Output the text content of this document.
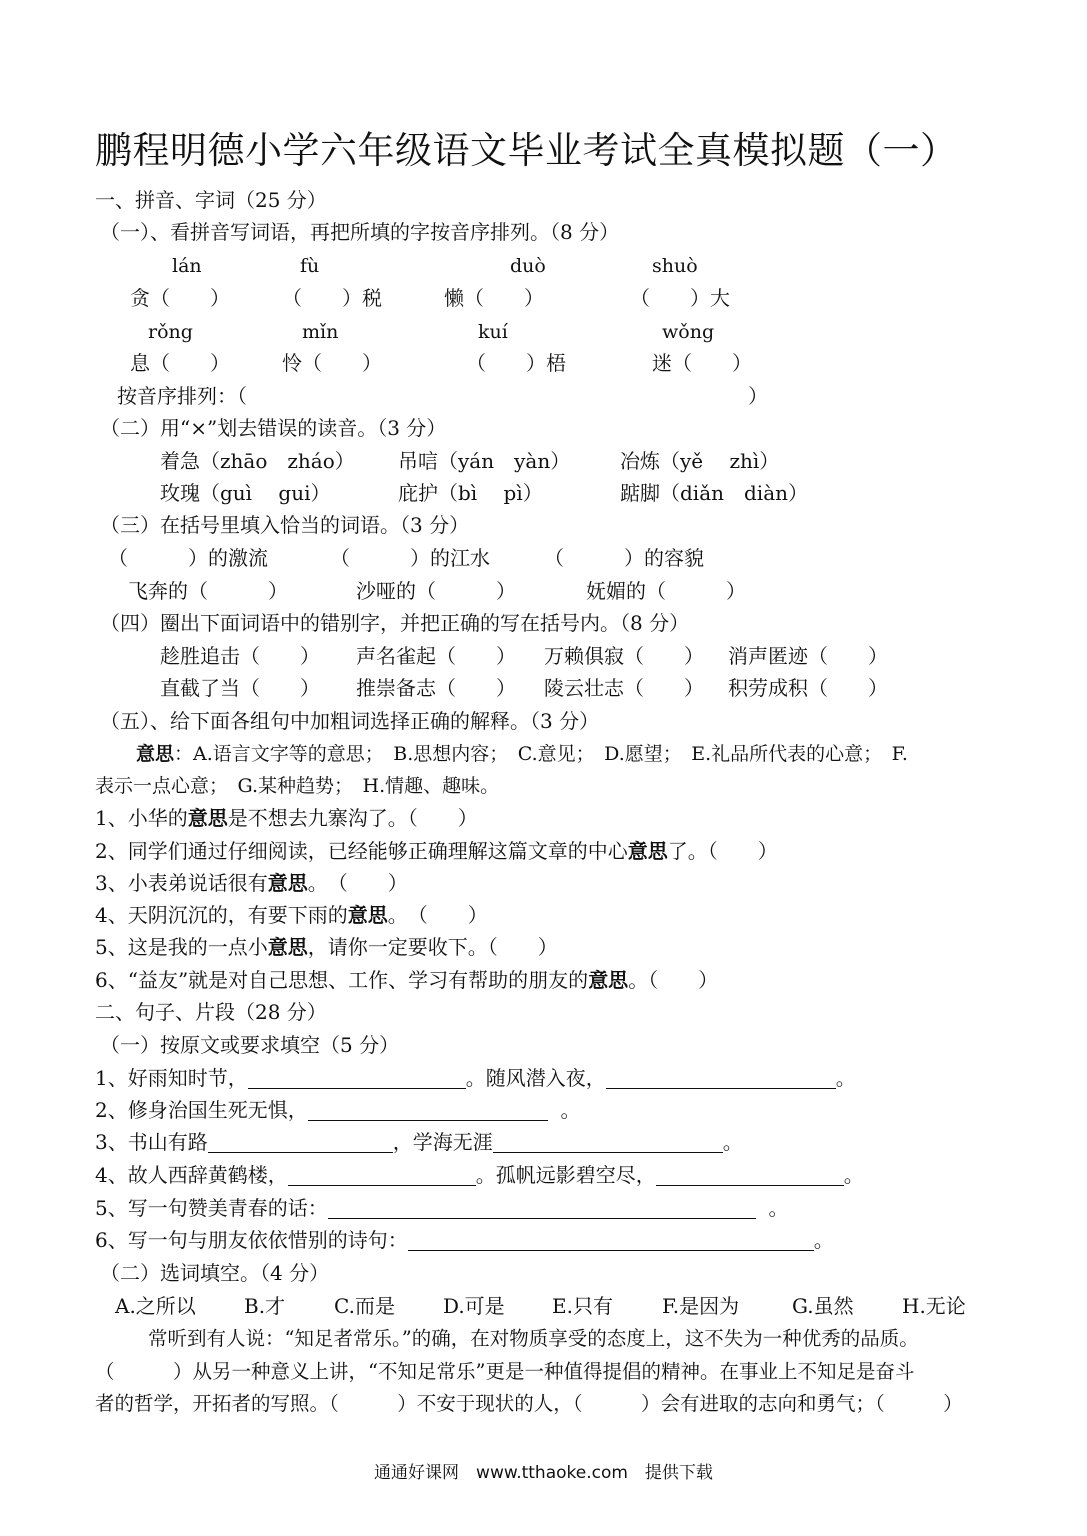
鹏程明德小学六年级语文毕业考试全真模拟题（一）
一、拼音、字词（25 分）
（一）、看拼音写词语，再把所填的字按音序排列。（8 分）
lán	fù	duò	shuò
贪（　　）	（　　）税	懒（　　）	（　　）大
rǒng	mǐn	kuí	wǒng
息（　　）	怜（　　）	（　　）梧	迷（　　）
按音序排列：（	）
（二）用“×”划去错误的读音。（3 分）
着急（zhāo　zháo） 吊唁（yán　yàn） 冶炼（yě　 zhì）
玫瑰（guì　 gui）	庇护（bì　 pì）	踮脚（diǎn　diàn）
（三）在括号里填入恰当的词语。（3 分）
（　　　）的激流	（　　　）的江水	（　　　）的容貌
飞奔的（　　　）	沙哑的（　　　）	妩媚的（　　　）
（四）圈出下面词语中的错别字，并把正确的写在括号内。（8 分）
趁胜追击（　　） 声名雀起（　　） 万赖俱寂（　　） 消声匿迹（　　）
直截了当（　　） 推崇备志（　　） 陵云壮志（　　） 积劳成积（　　）
（五）、给下面各组句中加粗词选择正确的解释。（3 分）
意思：A.语言文字等的意思；　B.思想内容；　C.意见；　D.愿望；　E.礼品所代表的心意；　F.
表示一点心意；　G.某种趋势；　H.情趣、趣味。
1、小华的意思是不想去九寨沟了。（　　）
2、同学们通过仔细阅读，已经能够正确理解这篇文章的中心意思了。（　　）
3、小表弟说话很有意思。　（　　）
4、天阴沉沉的，有要下雨的意思。　（　　）
5、这是我的一点小意思，请你一定要收下。（　　）
6、“益友”就是对自己思想、工作、学习有帮助的朋友的意思。（　　）
二、句子、片段（28 分）
（一）按原文或要求填空（5 分）
1、好雨知时节，	。随风潜入夜，	。
2、修身治国生死无惧，	。
3、书山有路	，学海无涯	。
4、故人西辞黄鹤楼，	。孤帆远影碧空尽，	。
5、写一句赞美青春的话：	。
6、写一句与朋友依依惜别的诗句：	。
（二）选词填空。（4 分）
A.之所以 B.才 C.而是 D.可是 E.只有 F.是因为	G.虽然 H.无论
常听到有人说：“知足者常乐。”的确，在对物质享受的态度上，这不失为一种优秀的品质。
（　　　）从另一种意义上讲，“不知足常乐”更是一种值得提倡的精神。在事业上不知足是奋斗
者的哲学，开拓者的写照。（　　　）不安于现状的人，（　　　）会有进取的志向和勇气；（　　　）
通通好课网　www.tthaoke.com　提供下载
